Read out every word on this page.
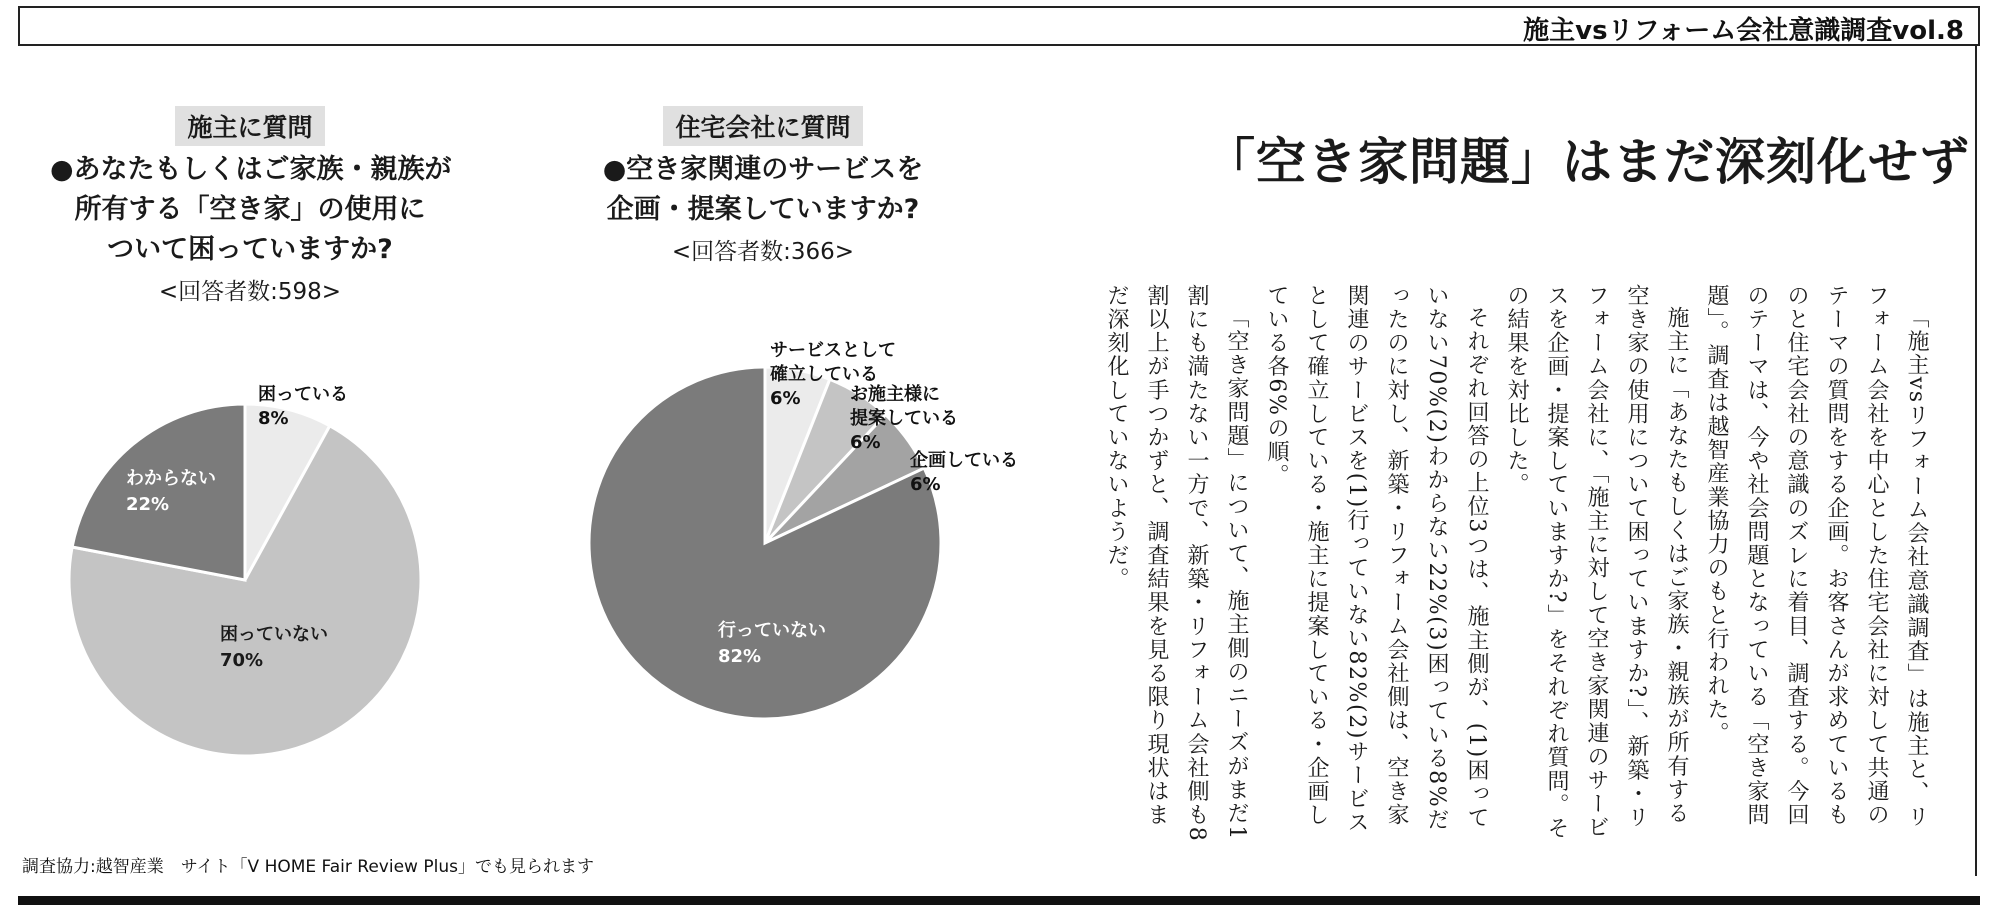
施主vsリフォーム会社意識調査vol.8
施主に質問
●あなたもしくはご家族・親族が
所有する「空き家」の使用に
ついて困っていますか?
<回答者数:598>
住宅会社に質問
●空き家関連のサービスを
企画・提案していますか?
<回答者数:366>
困っている
8%
わからない
22%
困っていない
70%
サービスとして
確立している
6%	お施主様に
提案している
6%
企画している
6%
行っていない
82%
「空き家問題」はまだ深刻化せず

「施主vsリフォーム会社意識調査」は施主と、リフォーム会社を中心とした住宅会社に対して共通のテーマの質問をする企画。お客さんが求めているものと住宅会社の意識のズレに着目、調査する。今回のテーマは、今や社会問題となっている「空き家問題」。調査は越智産業協力のもと行われた。

施主に「あなたもしくはご家族・親族が所有する空き家の使用について困っていますか?」、新築・リフォーム会社に、「施主に対して空き家関連のサービスを企画・提案していますか?」をそれぞれ質問。その結果を対比した。

それぞれ回答の上位3つは、施主側が、(1)困っていない70%(2)わからない22%(3)困っている8%だったのに対し、新築・リフォーム会社側は、空き家関連のサービスを(1)行っていない82%(2)サービスとして確立している・施主に提案している・企画している各6%の順。

「空き家問題」について、施主側のニーズがまだ1割にも満たない一方で、新築・リフォーム会社側も8割以上が手つかずと、調査結果を見る限り現状はまだ深刻化していないようだ。

調査協力:越智産業　サイト「V HOME Fair Review Plus」でも見られます
